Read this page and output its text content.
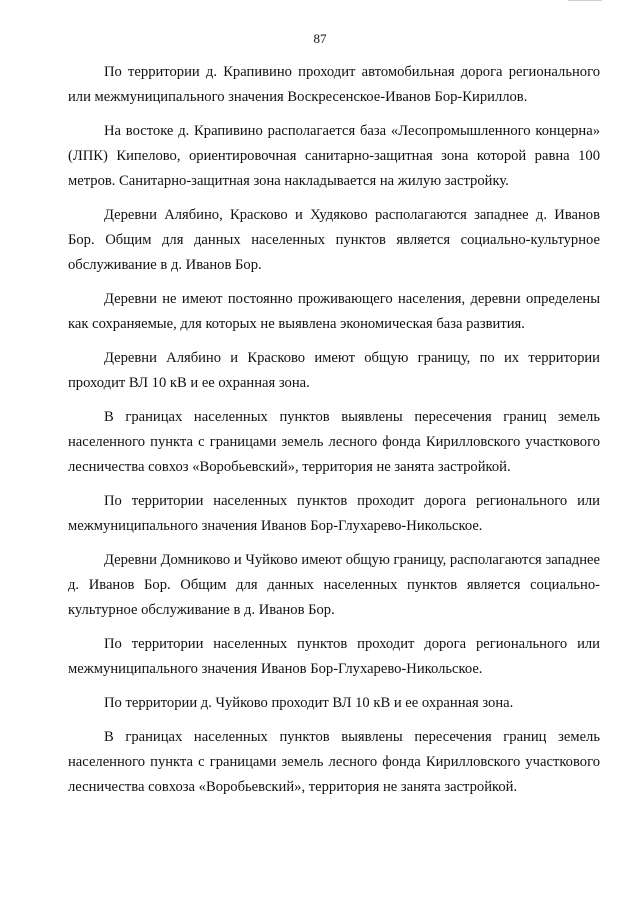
87

По территории д. Крапивино проходит автомобильная дорога регионального или межмуниципального значения Воскресенское-Иванов Бор-Кириллов.

На востоке д. Крапивино располагается база «Лесопромышленного концерна» (ЛПК) Кипелово, ориентировочная санитарно-защитная зона которой равна 100 метров. Санитарно-защитная зона накладывается на жилую застройку.

Деревни Алябино, Красково и Худяково располагаются западнее д. Иванов Бор. Общим для данных населенных пунктов является социально-культурное обслуживание в д. Иванов Бор.

Деревни не имеют постоянно проживающего населения, деревни определены как сохраняемые, для которых не выявлена экономическая база развития.

Деревни Алябино и Красково имеют общую границу, по их территории проходит ВЛ 10 кВ и ее охранная зона.

В границах населенных пунктов выявлены пересечения границ земель населенного пункта с границами земель лесного фонда Кирилловского участкового лесничества совхоз «Воробьевский», территория не занята застройкой.

По территории населенных пунктов проходит дорога регионального или межмуниципального значения Иванов Бор-Глухарево-Никольское.

Деревни Домниково и Чуйково имеют общую границу, располагаются западнее д. Иванов Бор. Общим для данных населенных пунктов является социально-культурное обслуживание в д. Иванов Бор.

По территории населенных пунктов проходит дорога регионального или межмуниципального значения Иванов Бор-Глухарево-Никольское.

По территории д. Чуйково проходит ВЛ 10 кВ и ее охранная зона.

В границах населенных пунктов выявлены пересечения границ земель населенного пункта с границами земель лесного фонда Кирилловского участкового лесничества совхоза «Воробьевский», территория не занята застройкой.
